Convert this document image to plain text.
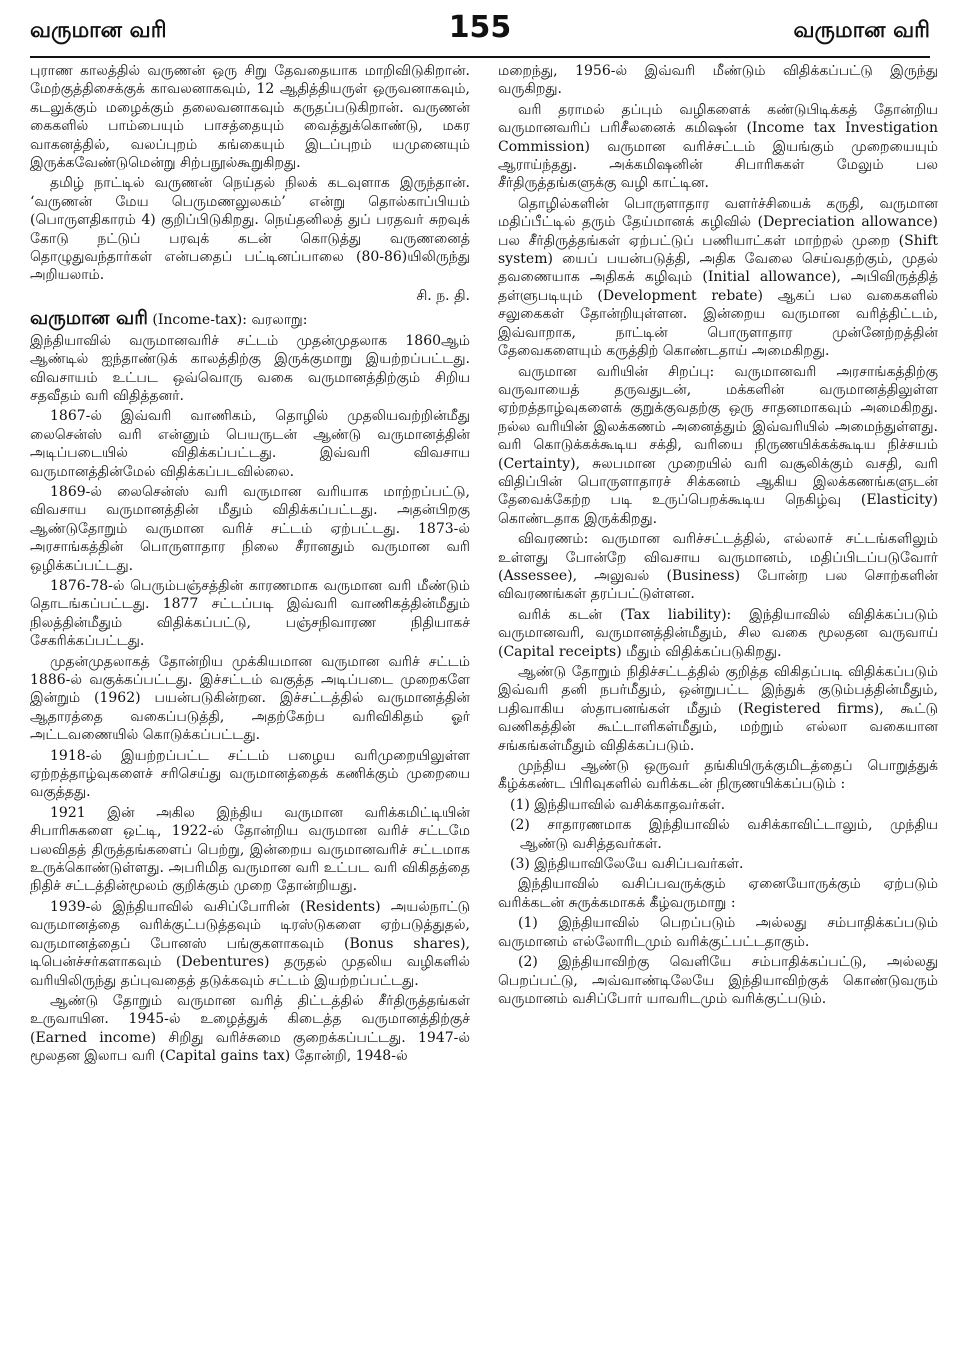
வருமான வரி	155	வருமான வரி

புராண காலத்தில் வருணன் ஒரு சிறு தேவதையாக மாறிவிடுகிறான். மேற்குத்திசைக்குக் காவலனாகவும், 12 ஆதித்தியருள் ஒருவனாகவும், கடலுக்கும் மழைக்கும் தலைவனாகவும் கருதப்படுகிறான். வருணன் கைகளில் பாம்பையும் பாசத்தையும் வைத்துக்கொண்டு, மகர வாகனத்தில், வலப்புறம் கங்கையும் இடப்புறம் யமுனையும் இருக்கவேண்டுமென்று சிற்பநூல்கூறுகிறது.

தமிழ் நாட்டில் வருணன் நெய்தல் நிலக் கடவுளாக இருந்தான். ‘வருணன் மேய பெருமணலுலகம்’ என்று தொல்காப்பியம் (பொருளதிகாரம் 4) குறிப்பிடுகிறது. நெய்தனிலத் துப் பரதவர் சுறவுக் கோடு நட்டுப் பரவுக் கடன் கொடுத்து வருணனைத் தொழுதுவந்தார்கள் என்பதைப் பட்டினப்பாலை (80-86)யிலிருந்து அறியலாம்.

சி. ந. தி.

வருமான வரி (Income-tax): வரலாறு:

இந்தியாவில் வருமானவரிச் சட்டம் முதன்முதலாக 1860ஆம் ஆண்டில் ஐந்தாண்டுக் காலத்திற்கு இருக்குமாறு இயற்றப்பட்டது. விவசாயம் உட்பட ஒவ்வொரு வகை வருமானத்திற்கும் சிறிய சதவீதம் வரி விதித்தனர்.

1867-ல் இவ்வரி வாணிகம், தொழில் முதலியவற்றின்மீது லைசென்ஸ் வரி என்னும் பெயருடன் ஆண்டு வருமானத்தின் அடிப்படையில் விதிக்கப்பட்டது. இவ்வரி விவசாய வருமானத்தின்மேல் விதிக்கப்படவில்லை.

1869-ல் லைசென்ஸ் வரி வருமான வரியாக மாற்றப்பட்டு, விவசாய வருமானத்தின் மீதும் விதிக்கப்பட்டது. அதன்பிறகு ஆண்டுதோறும் வருமான வரிச் சட்டம் ஏற்பட்டது. 1873-ல் அரசாங்கத்தின் பொருளாதார நிலை சீரானதும் வருமான வரி ஒழிக்கப்பட்டது.

1876-78-ல் பெரும்பஞ்சத்தின் காரணமாக வருமான வரி மீண்டும் தொடங்கப்பட்டது. 1877 சட்டப்படி இவ்வரி வாணிகத்தின்மீதும் நிலத்தின்மீதும் விதிக்கப்பட்டு, பஞ்சநிவாரண நிதியாகச் சேகரிக்கப்பட்டது.

முதன்முதலாகத் தோன்றிய முக்கியமான வருமான வரிச் சட்டம் 1886-ல் வகுக்கப்பட்டது. இச்சட்டம் வகுத்த அடிப்படை முறைகளே இன்றும் (1962) பயன்படுகின்றன. இச்சட்டத்தில் வருமானத்தின் ஆதாரத்தை வகைப்படுத்தி, அதற்கேற்ப வரிவிகிதம் ஓர் அட்டவணையில் கொடுக்கப்பட்டது.

1918-ல் இயற்றப்பட்ட சட்டம் பழைய வரிமுறையிலுள்ள ஏற்றத்தாழ்வுகளைச் சரிசெய்து வருமானத்தைக் கணிக்கும் முறையை வகுத்தது.

1921 இன் அகில இந்திய வருமான வரிக்கமிட்டியின் சிபாரிசுகளை ஒட்டி, 1922-ல் தோன்றிய வருமான வரிச் சட்டமே பலவிதத் திருத்தங்களைப் பெற்று, இன்றைய வருமானவரிச் சட்டமாக உருக்கொண்டுள்ளது. அபரிமித வருமான வரி உட்பட வரி விகிதத்தை நிதிச் சட்டத்தின்மூலம் குறிக்கும் முறை தோன்றியது.

1939-ல் இந்தியாவில் வசிப்போரின் (Residents) அயல்நாட்டு வருமானத்தை வரிக்குட்படுத்தவும் டிரஸ்டுகளை ஏற்படுத்துதல், வருமானத்தைப் போனஸ் பங்குகளாகவும் (Bonus shares), டிபென்ச்சர்களாகவும் (Debentures) தருதல் முதலிய வழிகளில் வரியிலிருந்து தப்புவதைத் தடுக்கவும் சட்டம் இயற்றப்பட்டது.

ஆண்டு தோறும் வருமான வரித் திட்டத்தில் சீர்திருத்தங்கள் உருவாயின. 1945-ல் உழைத்துக் கிடைத்த வருமானத்திற்குச் (Earned income) சிறிது வரிச்சுமை குறைக்கப்பட்டது. 1947-ல் மூலதன இலாப வரி (Capital gains tax) தோன்றி, 1948-ல்

மறைந்து, 1956-ல் இவ்வரி மீண்டும் விதிக்கப்பட்டு இருந்து வருகிறது.

வரி தராமல் தப்பும் வழிகளைக் கண்டுபிடிக்கத் தோன்றிய வருமானவரிப் பரிசீலனைக் கமிஷன் (Income tax Investigation Commission) வருமான வரிச்சட்டம் இயங்கும் முறையையும் ஆராய்ந்தது. அக்கமிஷனின் சிபாரிசுகள் மேலும் பல சீர்திருத்தங்களுக்கு வழி காட்டின.

தொழில்களின் பொருளாதார வளர்ச்சியைக் கருதி, வருமான மதிப்பீட்டில் தரும் தேய்மானக் கழிவில் (Depreciation allowance) பல சீர்திருத்தங்கள் ஏற்பட்டுப் பணியாட்கள் மாற்றல் முறை (Shift system) யைப் பயன்படுத்தி, அதிக வேலை செய்வதற்கும், முதல் தவணையாக அதிகக் கழிவும் (Initial allowance), அபிவிருத்தித் தள்ளுபடியும் (Development rebate) ஆகப் பல வகைகளில் சலுகைகள் தோன்றியுள்ளன. இன்றைய வருமான வரித்திட்டம், இவ்வாறாக, நாட்டின் பொருளாதார முன்னேற்றத்தின் தேவைகளையும் கருத்திற் கொண்டதாய் அமைகிறது.

வருமான வரியின் சிறப்பு: வருமானவரி அரசாங்கத்திற்கு வருவாயைத் தருவதுடன், மக்களின் வருமானத்திலுள்ள ஏற்றத்தாழ்வுகளைக் குறுக்குவதற்கு ஒரு சாதனமாகவும் அமைகிறது. நல்ல வரியின் இலக்கணம் அனைத்தும் இவ்வரியில் அமைந்துள்ளது. வரி கொடுக்கக்கூடிய சக்தி, வரியை நிருணயிக்கக்கூடிய நிச்சயம் (Certainty), சுலபமான முறையில் வரி வசூலிக்கும் வசதி, வரி விதிப்பின் பொருளாதாரச் சிக்கனம் ஆகிய இலக்கணங்களுடன் தேவைக்கேற்ற படி உருப்பெறக்கூடிய நெகிழ்வு (Elasticity) கொண்டதாக இருக்கிறது.

விவரணம்: வருமான வரிச்சட்டத்தில், எல்லாச் சட்டங்களிலும் உள்ளது போன்றே விவசாய வருமானம், மதிப்பிடப்படுவோர் (Assessee), அலுவல் (Business) போன்ற பல சொற்களின் விவரணங்கள் தரப்பட்டுள்ளன.

வரிக் கடன் (Tax liability): இந்தியாவில் விதிக்கப்படும் வருமானவரி, வருமானத்தின்மீதும், சில வகை மூலதன வருவாய் (Capital receipts) மீதும் விதிக்கப்படுகிறது.

ஆண்டு தோறும் நிதிச்சட்டத்தில் குறித்த விகிதப்படி விதிக்கப்படும் இவ்வரி தனி நபர்மீதும், ஒன்றுபட்ட இந்துக் குடும்பத்தின்மீதும், பதிவாகிய ஸ்தாபனங்கள் மீதும் (Registered firms), கூட்டு வணிகத்தின் கூட்டாளிகள்மீதும், மற்றும் எல்லா வகையான சங்கங்கள்மீதும் விதிக்கப்படும்.

முந்திய ஆண்டு ஒருவர் தங்கியிருக்குமிடத்தைப் பொறுத்துக் கீழ்க்கண்ட பிரிவுகளில் வரிக்கடன் நிருணயிக்கப்படும் :

(1) இந்தியாவில் வசிக்காதவர்கள்.
(2) சாதாரணமாக இந்தியாவில் வசிக்காவிட்டாலும், முந்திய ஆண்டு வசித்தவர்கள்.
(3) இந்தியாவிலேயே வசிப்பவர்கள்.

இந்தியாவில் வசிப்பவருக்கும் ஏனையோருக்கும் ஏற்படும் வரிக்கடன் சுருக்கமாகக் கீழ்வருமாறு :

(1) இந்தியாவில் பெறப்படும் அல்லது சம்பாதிக்கப்படும் வருமானம் எல்லோரிடமும் வரிக்குட்பட்டதாகும்.

(2) இந்தியாவிற்கு வெளியே சம்பாதிக்கப்பட்டு, அல்லது பெறப்பட்டு, அவ்வாண்டிலேயே இந்தியாவிற்குக் கொண்டுவரும் வருமானம் வசிப்போர் யாவரிடமும் வரிக்குட்படும்.
